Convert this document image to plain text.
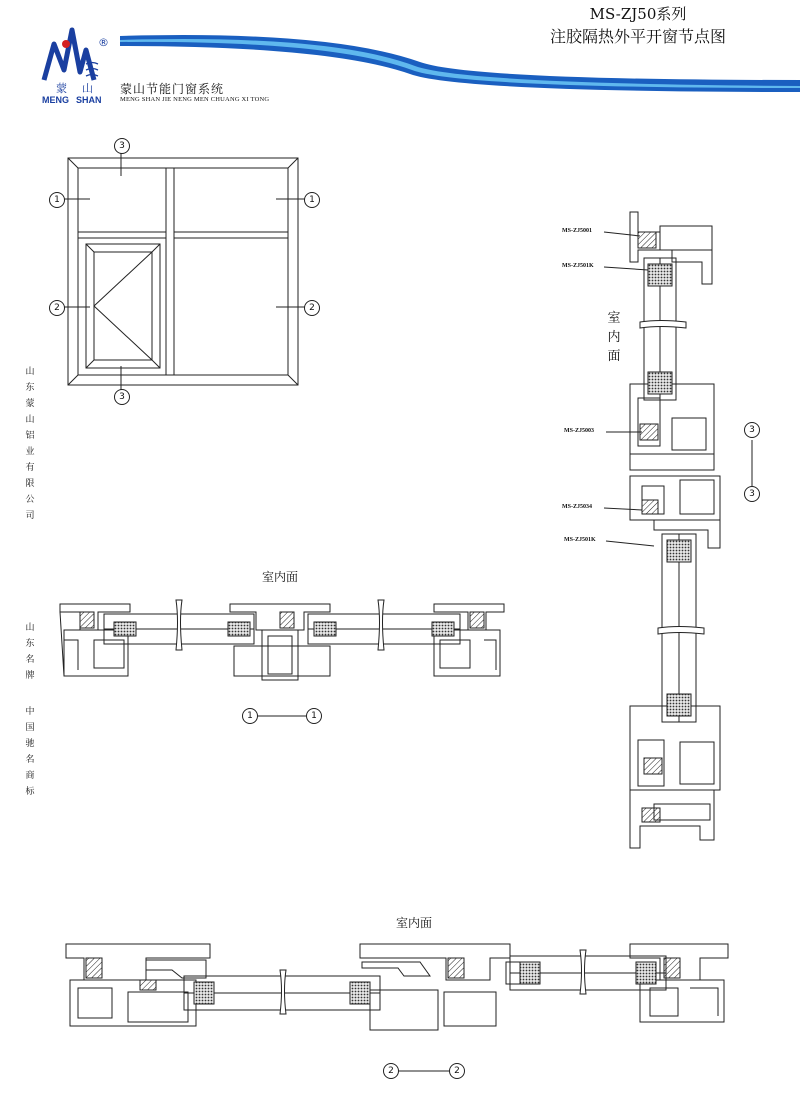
MENG SHAN
蒙 山
®
蒙山节能门窗系统
MENG SHAN JIE NENG MEN CHUANG XI TONG
MS-ZJ50系列
注胶隔热外平开窗节点图
山东蒙山铝业有限公司
山东名牌
中国驰名商标
室内面
室内面
室内面
MS-ZJ5001
MS-ZJ501K
MS-ZJ5003
MS-ZJ5034
MS-ZJ501K
3
1	1
2	2
3
1	1
2	2
3
3
